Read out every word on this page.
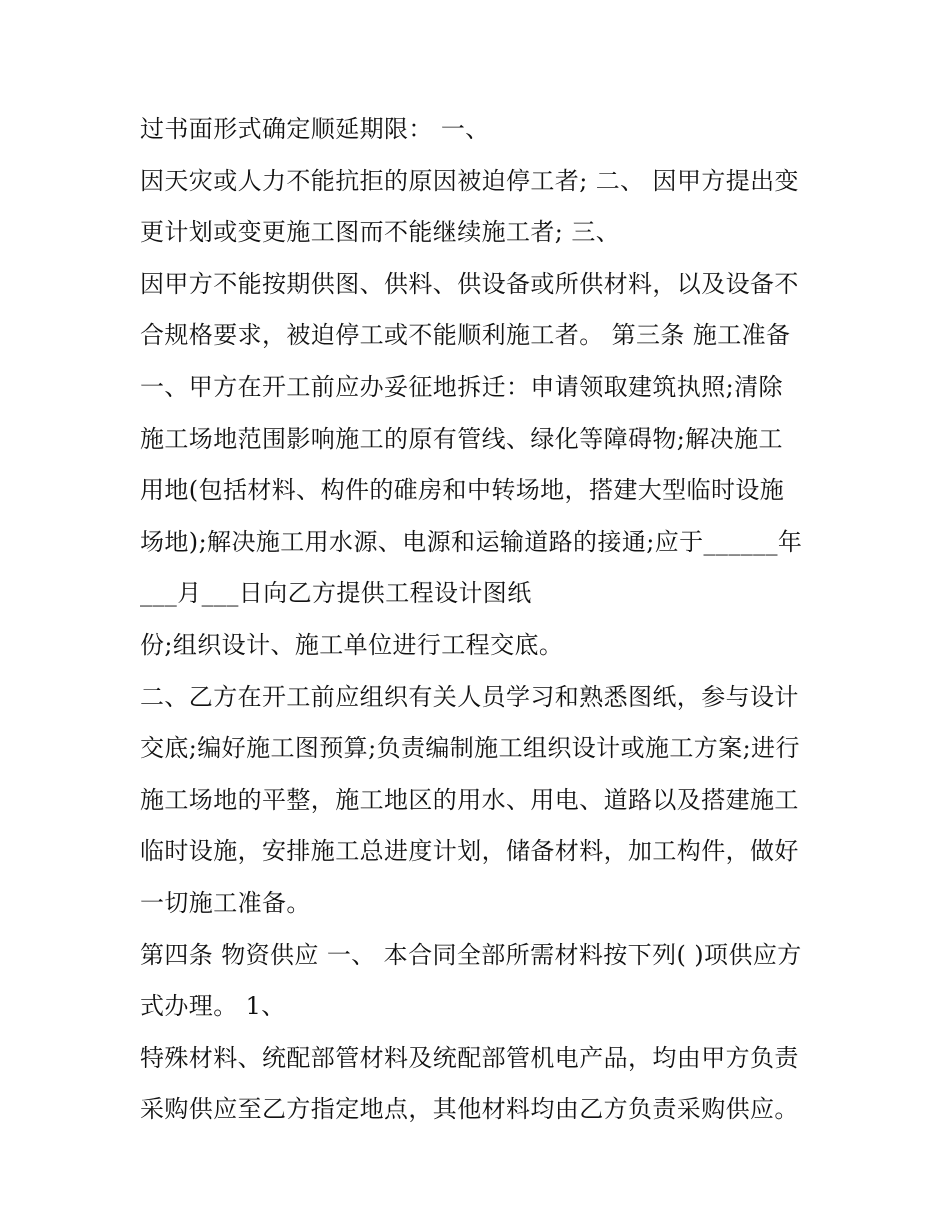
过书面形式确定顺延期限： 一、
因天灾或人力不能抗拒的原因被迫停工者; 二、 因甲方提出变
更计划或变更施工图而不能继续施工者; 三、
因甲方不能按期供图、供料、供设备或所供材料，以及设备不
合规格要求，被迫停工或不能顺利施工者。 第三条 施工准备
一、甲方在开工前应办妥征地拆迁：申请领取建筑执照;清除
施工场地范围影响施工的原有管线、绿化等障碍物;解决施工
用地(包括材料、构件的碓房和中转场地，搭建大型临时设施
场地);解决施工用水源、电源和运输道路的接通;应于______年
___月___日向乙方提供工程设计图纸
份;组织设计、施工单位进行工程交底。
二、乙方在开工前应组织有关人员学习和熟悉图纸，参与设计
交底;编好施工图预算;负责编制施工组织设计或施工方案;进行
施工场地的平整，施工地区的用水、用电、道路以及搭建施工
临时设施，安排施工总进度计划，储备材料，加工构件，做好
一切施工准备。
第四条 物资供应 一、 本合同全部所需材料按下列( )项供应方
式办理。 1、
特殊材料、统配部管材料及统配部管机电产品，均由甲方负责
采购供应至乙方指定地点，其他材料均由乙方负责采购供应。
